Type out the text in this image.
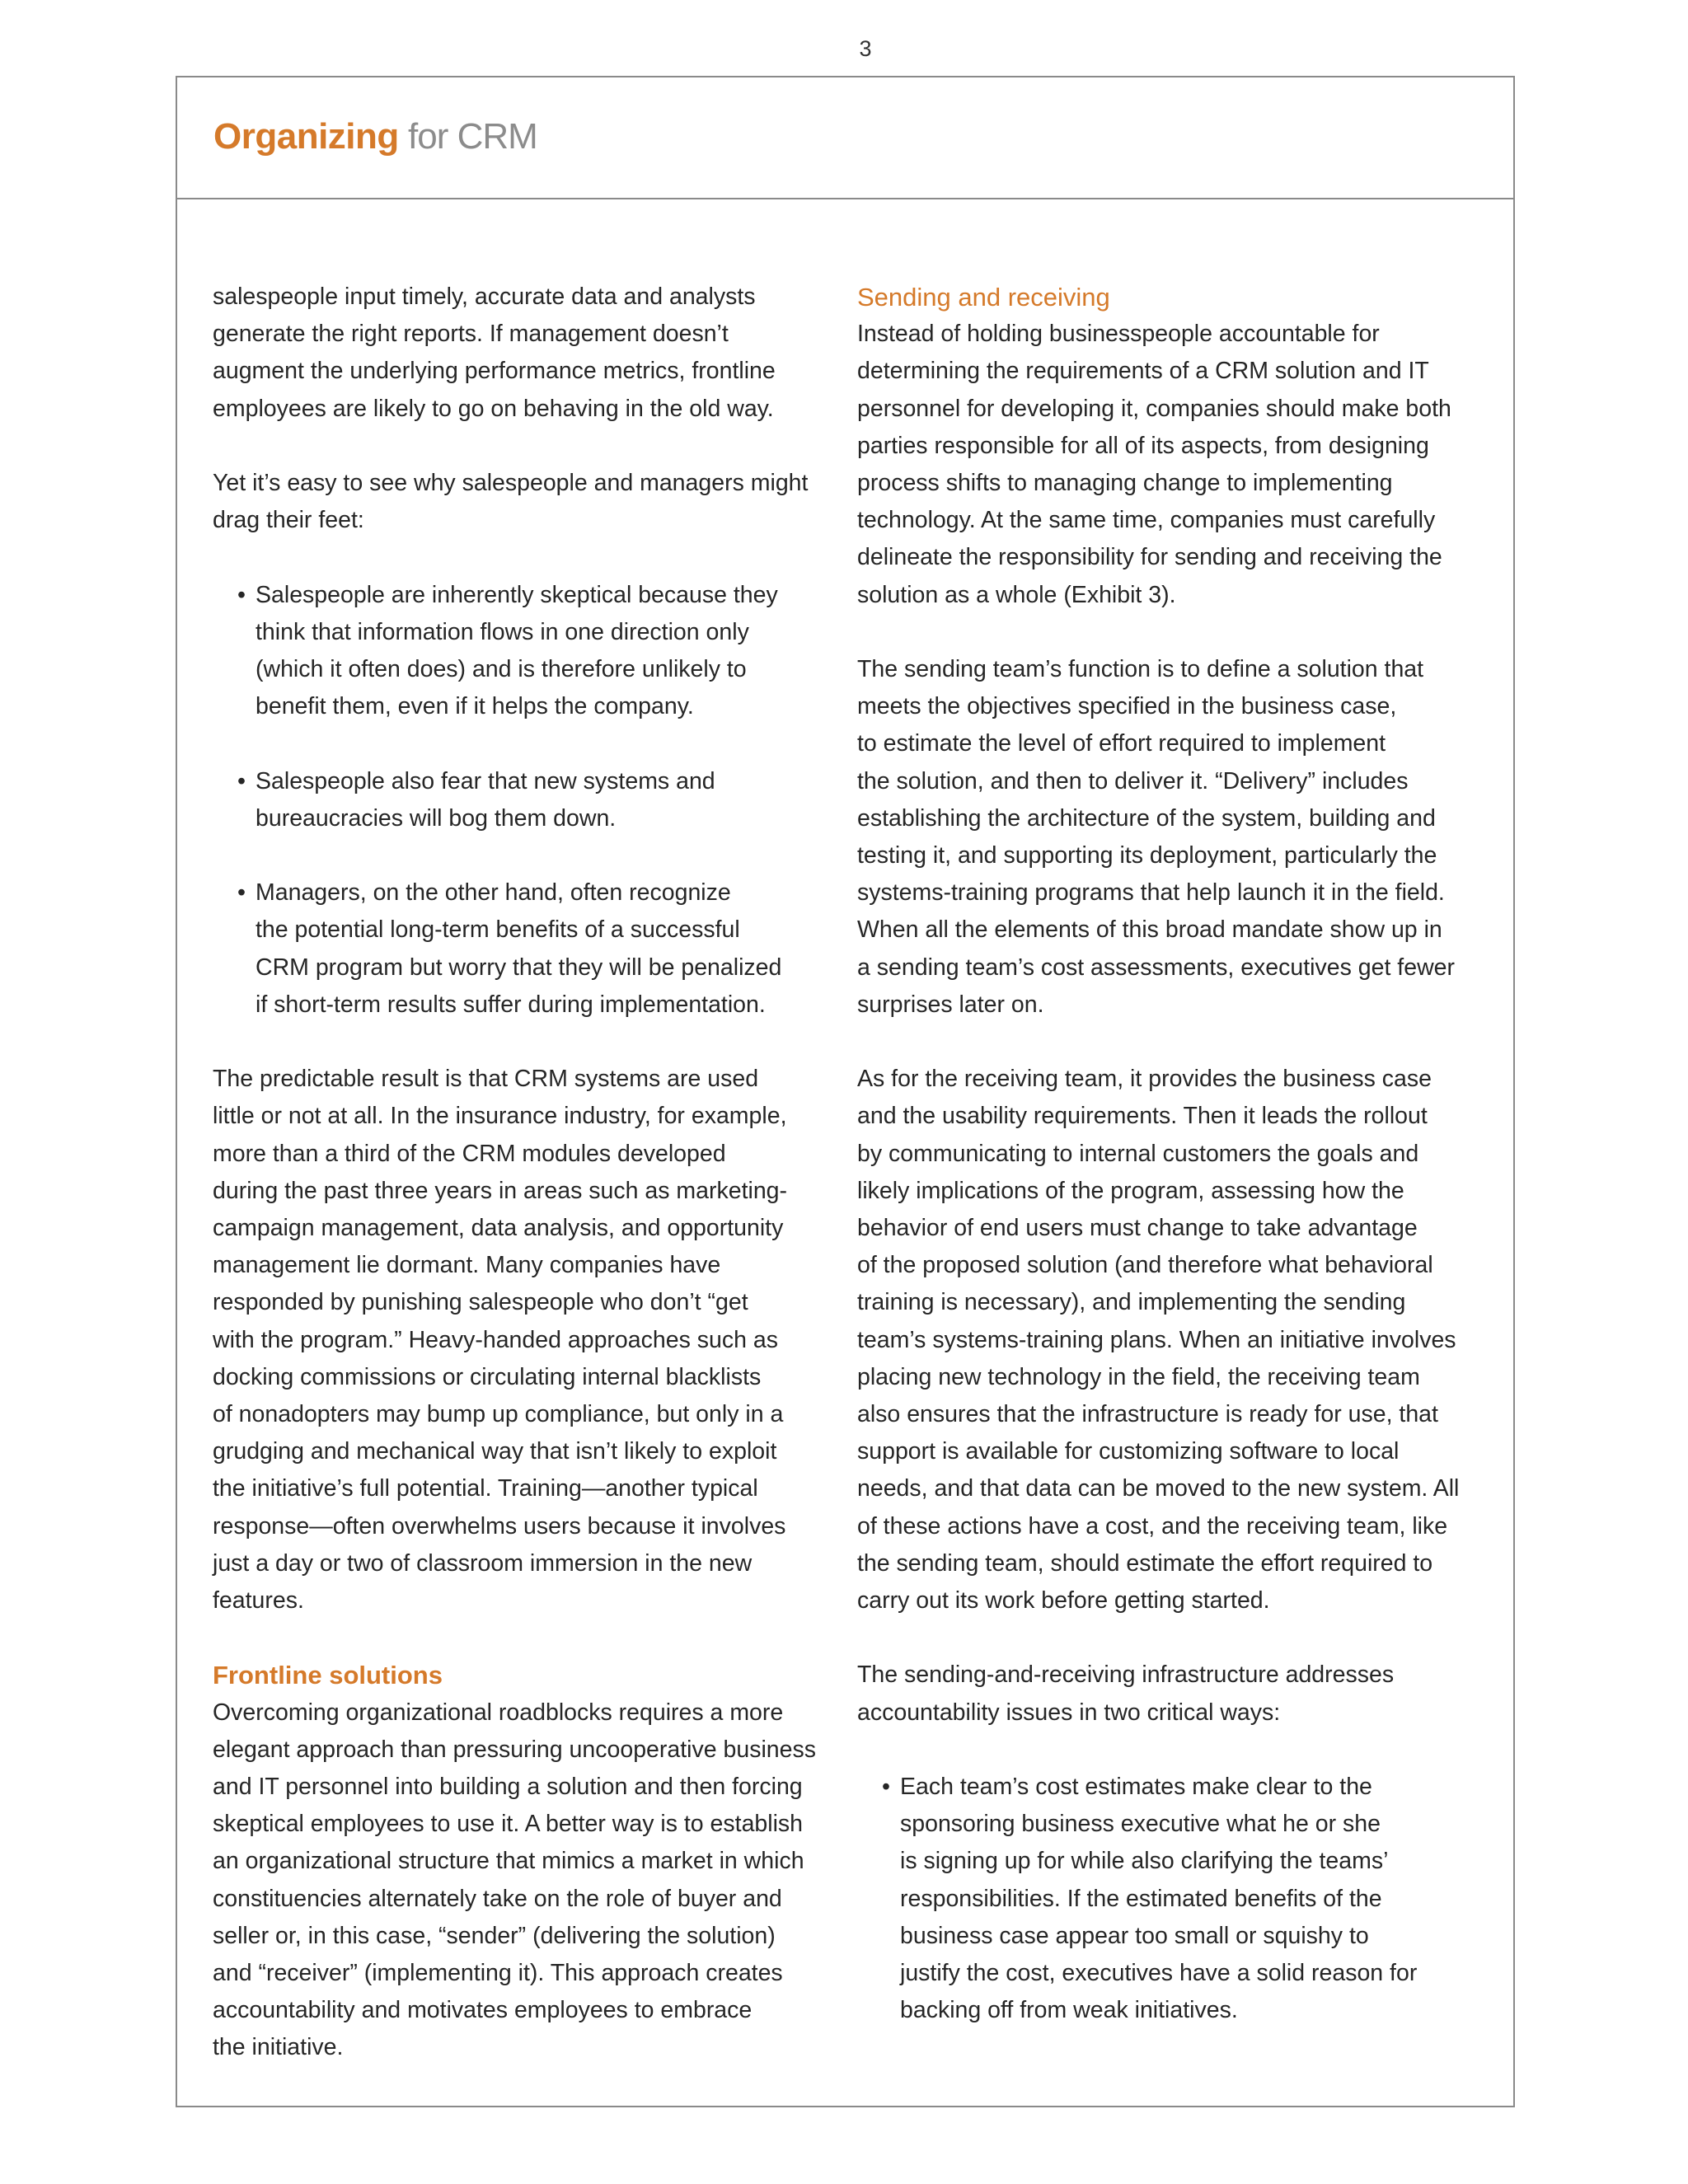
3
Organizing for CRM

salespeople input timely, accurate data and analysts
generate the right reports. If management doesn’t
augment the underlying performance metrics, frontline
employees are likely to go on behaving in the old way.

Yet it’s easy to see why salespeople and managers might
drag their feet:

• Salespeople are inherently skeptical because they
think that information flows in one direction only
(which it often does) and is therefore unlikely to
benefit them, even if it helps the company.
• Salespeople also fear that new systems and
bureaucracies will bog them down.
• Managers, on the other hand, often recognize
the potential long-term benefits of a successful
CRM program but worry that they will be penalized
if short-term results suffer during implementation.

The predictable result is that CRM systems are used
little or not at all. In the insurance industry, for example,
more than a third of the CRM modules developed
during the past three years in areas such as marketing-
campaign management, data analysis, and opportunity
management lie dormant. Many companies have
responded by punishing salespeople who don’t “get
with the program.” Heavy-handed approaches such as
docking commissions or circulating internal blacklists
of nonadopters may bump up compliance, but only in a
grudging and mechanical way that isn’t likely to exploit
the initiative’s full potential. Training—another typical
response—often overwhelms users because it involves
just a day or two of classroom immersion in the new
features.

Frontline solutions

Overcoming organizational roadblocks requires a more
elegant approach than pressuring uncooperative business
and IT personnel into building a solution and then forcing
skeptical employees to use it. A better way is to establish
an organizational structure that mimics a market in which
constituencies alternately take on the role of buyer and
seller or, in this case, “sender” (delivering the solution)
and “receiver” (implementing it). This approach creates
accountability and motivates employees to embrace
the initiative.

Sending and receiving

Instead of holding businesspeople accountable for
determining the requirements of a CRM solution and IT
personnel for developing it, companies should make both
parties responsible for all of its aspects, from designing
process shifts to managing change to implementing
technology. At the same time, companies must carefully
delineate the responsibility for sending and receiving the
solution as a whole (Exhibit 3).

The sending team’s function is to define a solution that
meets the objectives specified in the business case,
to estimate the level of effort required to implement
the solution, and then to deliver it. “Delivery” includes
establishing the architecture of the system, building and
testing it, and supporting its deployment, particularly the
systems-training programs that help launch it in the field.
When all the elements of this broad mandate show up in
a sending team’s cost assessments, executives get fewer
surprises later on.

As for the receiving team, it provides the business case
and the usability requirements. Then it leads the rollout
by communicating to internal customers the goals and
likely implications of the program, assessing how the
behavior of end users must change to take advantage
of the proposed solution (and therefore what behavioral
training is necessary), and implementing the sending
team’s systems-training plans. When an initiative involves
placing new technology in the field, the receiving team
also ensures that the infrastructure is ready for use, that
support is available for customizing software to local
needs, and that data can be moved to the new system. All
of these actions have a cost, and the receiving team, like
the sending team, should estimate the effort required to
carry out its work before getting started.

The sending-and-receiving infrastructure addresses
accountability issues in two critical ways:

• Each team’s cost estimates make clear to the
sponsoring business executive what he or she
is signing up for while also clarifying the teams’
responsibilities. If the estimated benefits of the
business case appear too small or squishy to
justify the cost, executives have a solid reason for
backing off from weak initiatives.
